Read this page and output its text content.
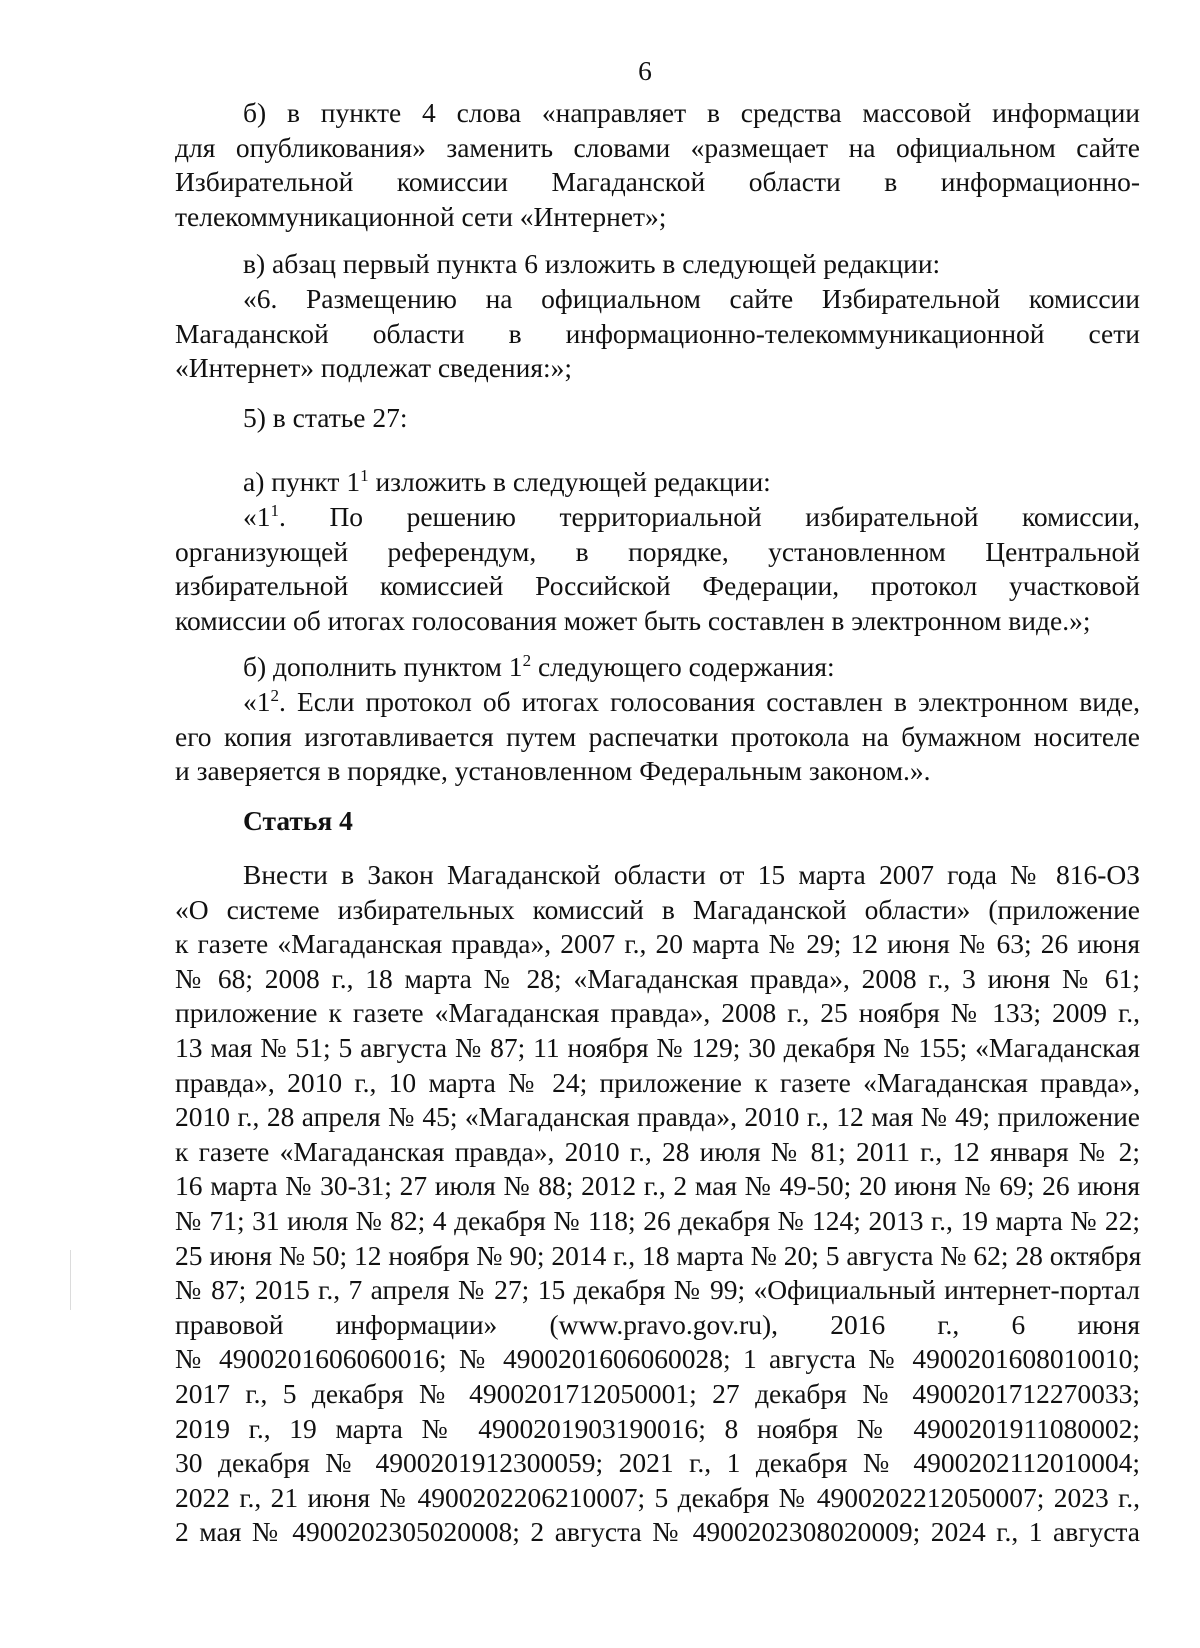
6
б) в пункте 4 слова «направляет в средства массовой информации
для опубликования» заменить словами «размещает на официальном сайте
Избирательной комиссии Магаданской области в информационно-
телекоммуникационной сети «Интернет»;
в) абзац первый пункта 6 изложить в следующей редакции:
«6. Размещению на официальном сайте Избирательной комиссии
Магаданской области в информационно-телекоммуникационной сети
«Интернет» подлежат сведения:»;
5) в статье 27:
а) пункт $1^1$ изложить в следующей редакции:
«$1^1$. По решению территориальной избирательной комиссии,
организующей референдум, в порядке, установленном Центральной
избирательной комиссией Российской Федерации, протокол участковой
комиссии об итогах голосования может быть составлен в электронном виде.»;
б) дополнить пунктом $1^2$ следующего содержания:
«$1^2$. Если протокол об итогах голосования составлен в электронном виде,
его копия изготавливается путем распечатки протокола на бумажном носителе
и заверяется в порядке, установленном Федеральным законом.».
Статья 4
Внести в Закон Магаданской области от 15 марта 2007 года № 816-ОЗ
«О системе избирательных комиссий в Магаданской области» (приложение
к газете «Магаданская правда», 2007 г., 20 марта № 29; 12 июня № 63; 26 июня
№ 68; 2008 г., 18 марта № 28; «Магаданская правда», 2008 г., 3 июня № 61;
приложение к газете «Магаданская правда», 2008 г., 25 ноября № 133; 2009 г.,
13 мая № 51; 5 августа № 87; 11 ноября № 129; 30 декабря № 155; «Магаданская
правда», 2010 г., 10 марта № 24; приложение к газете «Магаданская правда»,
2010 г., 28 апреля № 45; «Магаданская правда», 2010 г., 12 мая № 49; приложение
к газете «Магаданская правда», 2010 г., 28 июля № 81; 2011 г., 12 января № 2;
16 марта № 30-31; 27 июля № 88; 2012 г., 2 мая № 49-50; 20 июня № 69; 26 июня
№ 71; 31 июля № 82; 4 декабря № 118; 26 декабря № 124; 2013 г., 19 марта № 22;
25 июня № 50; 12 ноября № 90; 2014 г., 18 марта № 20; 5 августа № 62; 28 октября
№ 87; 2015 г., 7 апреля № 27; 15 декабря № 99; «Официальный интернет-портал
правовой информации» (www.pravo.gov.ru), 2016 г., 6 июня
№ 4900201606060016; № 4900201606060028; 1 августа № 4900201608010010;
2017 г., 5 декабря № 4900201712050001; 27 декабря № 4900201712270033;
2019 г., 19 марта № 4900201903190016; 8 ноября № 4900201911080002;
30 декабря № 4900201912300059; 2021 г., 1 декабря № 4900202112010004;
2022 г., 21 июня № 4900202206210007; 5 декабря № 4900202212050007; 2023 г.,
2 мая № 4900202305020008; 2 августа № 4900202308020009; 2024 г., 1 августа
